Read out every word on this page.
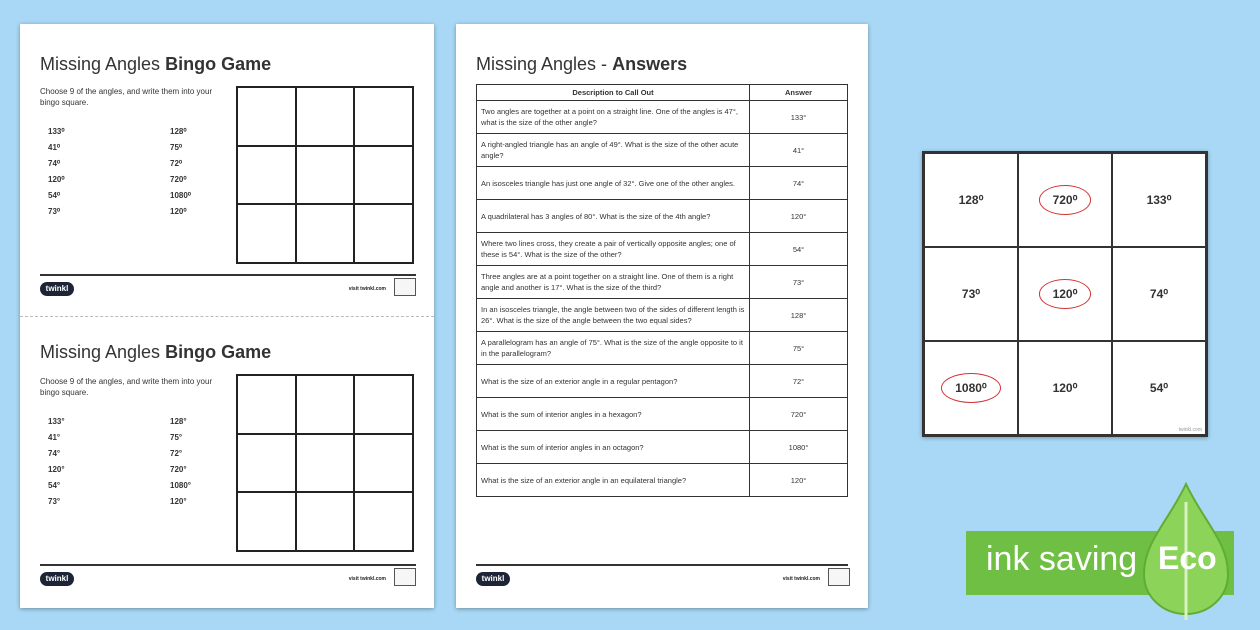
Missing Angles Bingo Game
Choose 9 of the angles, and write them into your bingo square.
133⁰	128⁰
41⁰	75⁰
74⁰	72⁰
120⁰	720⁰
54⁰	1080⁰
73⁰	120⁰
twinkl	visit twinkl.com
Missing Angles Bingo Game
Choose 9 of the angles, and write them into your bingo square.
133°	128°
41°	75°
74°	72°
120°	720°
54°	1080°
73°	120°
twinkl	visit twinkl.com
Missing Angles - Answers
Description to Call Out	Answer
Two angles are together at a point on a straight line. One of the angles is 47°, what is the size of the other angle?	133°
A right-angled triangle has an angle of 49°. What is the size of the other acute angle?	41°
An isosceles triangle has just one angle of 32°. Give one of the other angles.	74°
A quadrilateral has 3 angles of 80°. What is the size of the 4th angle?	120°
Where two lines cross, they create a pair of vertically opposite angles; one of these is 54°. What is the size of the other?	54°
Three angles are at a point together on a straight line. One of them is a right angle and another is 17°. What is the size of the third?	73°
In an isosceles triangle, the angle between two of the sides of different length is 26°. What is the size of the angle between the two equal sides?	128°
A parallelogram has an angle of 75°. What is the size of the angle opposite to it in the parallelogram?	75°
What is the size of an exterior angle in a regular pentagon?	72°
What is the sum of interior angles in a hexagon?	720°
What is the sum of interior angles in an octagon?	1080°
What is the size of an exterior angle in an equilateral triangle?	120°
twinkl	visit twinkl.com
128⁰	720⁰	133⁰
73⁰	120⁰	74⁰
1080⁰	120⁰	54⁰
twinkl.com
ink saving Eco
